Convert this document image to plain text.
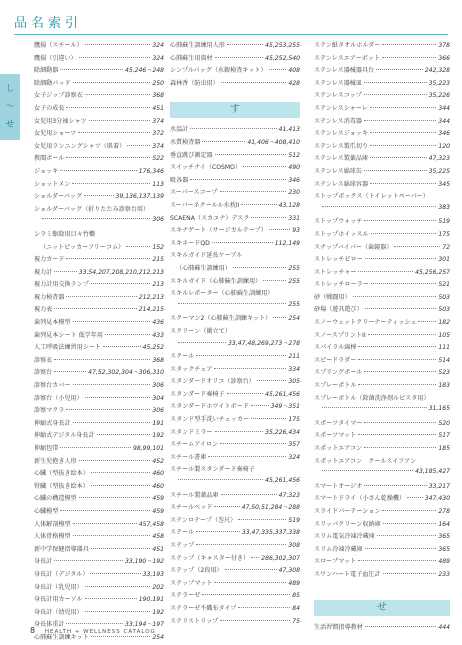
品名索引
し
〜
せ
鷹揚（スチール）	324
鷹揚（引違い）	324
除細動器	45,246〜248
除細動パッド	250
女子ジップ診察衣	368
女子の成長	451
女児用3分袖シャツ	374
女児用ショーツ	372
女児用ランニングシャツ（肌着）	374
教閲ボール	522
ジョッキ	176,346
ショットメン	113
ショルダーバッグ	39,136,137,139
ショルダーバッグ（折りたたみ診察台用）
306
シラミ駆除用目々竹櫛
（ニットピッカーフリーコム）	152
視力カード	215
視力計	33,54,207,208,210,212,213
視力計用交換ランプ	213
視力検査器	212,213
視力表	214,215
歯列見本模型	436
歯列見本シート 低学年用	433
人工呼吸法練習用シート	45,252
診察衣	368
診察台	47,52,302,304〜306,310
診察台カバー	306
診察台（小児用）	304
診察マクラ	306
伸縮式身長計	191
伸縮式デジタル身長計	192
伸縮包帯	98,99,101
新生児抱き人形	452
心臓（型抜き絵本）	460
腎臓（型抜き絵本）	460
心臓の構造模型	459
心臓模型	459
人体解剖模型	457,458
人体骨格模型	458
新中学保健指導器具	451
身長計	33,190〜192
身長計（デジタル）	33,193
身長計（乳児用）	202
身長計用カーソル	190,191
身長計（幼児用）	192
身長体重計	33,194〜197
心肺蘇生訓練キット	254
心肺蘇生訓練用人形	45,253,255
心肺蘇生用資材	45,252,540
シンプルバッグ（水銀検査キット）	408
森林香（防虫用）	428
す
水温計	41,413
水質検査器	41,406〜408,410
垂直跳び測定器	512
スイッチナイ（COSMO）	490
吸各器	346
スーパースコープ	230
スーパーネクールル水枕II	43,128
SCAENA（スカエナ）デスク	331
スキナゲート（サージカルテープ）	93
スキネードQD	112,149
スキルガイド延長ケーブル
（心肺蘇生訓練用）	255
スキルガイド（心肺蘇生訓練用）	255
スキルレポーター（心肺蘇生訓練用）
255
スクーマン2（心肺蘇生訓練キット）	254
スクリーン（衝立て）
33,47,48,269,273〜278
スクール	211
スタックチェア	334
スタンダードオリコ（診察台）	305
スタンダード奏椅子	45,261,456
スタンダードホワイトボード	349〜351
スタンド型手洗いチェッカー	175
スタンドミラー	35,226,434
スチームアイロン	357
スチール書庫	324
スチール製スタンダード奏椅子
45,261,456
スチール製薬品庫	47,323
スチールベッド	47,50,51,284〜288
ステンロテープ（巻尺）	519
ステール	33,47,335,337,338
ステップ	308
ステップ（キャスター付き） 286,302,307
ステップ（2段用）	47,308
ステップマット	489
ステラーゼ	85
ステラーゼ不織布タイプ	84
ステリストリップ	75
ステン紙タオルホルダー	378
ステンレスエアーポット	366
ステンレス器械器具台	242,328
ステンレス器械皿	35,223
ステンレスコップ	35,226
ステンレスシャーレ	344
ステンレス消毒器	344
ステンレスジョッキ	346
ステンレス製爪切り	120
ステンレス製薬品庫	47,323
ステンレス綿球缶	35,225
ステンレス綿球容器	345
ストップボックス（トイレットペーパー）
383
ストップウォッチ	519
ストップホイッスル	175
スナップバイパー（歯鏡器）	72
ストレッチピロー	301
ストレッチャー	45,256,257
ストレッチローラー	521
砂（戦闘用）	503
砂場（遊具遊び）	503
スノーウェットクリーナーティッシュ	182
スノースプリントII	105
スパイラル綿棒	111
スピードラダー	514
スプリングボール	523
スプレーボトル	183
スプレーボトル（除菌洗浄剤ルビスタ用）
31,165
スポーツタイマー	520
スポーツマット	517
スポットエアコン	185
スポットエアコン　クールスイフアン
43,185,427
スマートオージオ	33,217
スマートドライ（小さん乾燥機）	347,430
スライドパーテーション	278
スリッパクリーン収納庫	164
スリム電気冷凍冷蔵庫	365
スリム冷凍冷蔵庫	365
スロープマット	489
スワンハート電子血圧計	233
せ
生活習慣指導教材	444
8 HEALTH + WELLNESS CATALOG
